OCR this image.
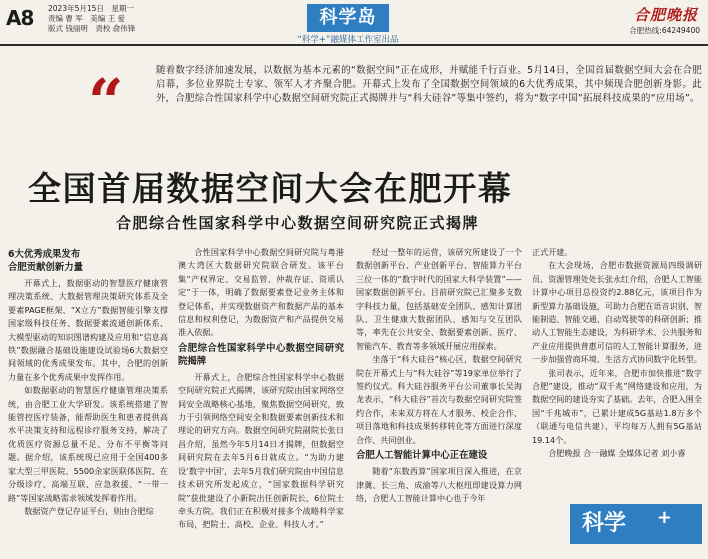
A8 2023年5月15日　星期一
责编 曹 军　美编 王 爱
版式 钱丽明　责校 俞伟锋
科学岛
“科学+”融媒体工作室出品
合肥晚报
合肥热线:64249400
“	随着数字经济加速发展，以数据为基本元素的“数据空间”正在成形，并赋能千行百业。5月14日，全国首届数据空间大会在合肥启幕，多位业界院士专家、领军人才齐聚合肥。开幕式上发布了全国数据空间领域的6大优秀成果，其中频现合肥创新身影。此外，合肥综合性国家科学中心数据空间研究院正式揭牌并与“科大硅谷”等集中签约，将为“数字中国”拓展科技成果的“应用场”。
全国首届数据空间大会在肥开幕
合肥综合性国家科学中心数据空间研究院正式揭牌
6大优秀成果发布
合肥贡献创新力量

开幕式上，数据驱动的智慧医疗健康管理决策系统、大数据管理决策研究体系及全要素PAGE框架、“X立方”数据智能引擎支撑国家级科技任务、数据要素流通创新体系、大模型驱动的知识图谱构建及应用和“信息高铁”数据融合基础设施建设试验场6大数据空间领域的优秀成果发布。其中，合肥的创新力量在多个优秀成果中发挥作用。

如数据驱动的智慧医疗健康管理决策系统，由合肥工业大学研发。该系统搭建了智能管控医疗装备，能帮助医生和患者提供高水平决策支持和远程诊疗服务支持，解决了优质医疗资源总量不足、分布不平衡等问题。据介绍，该系统现已应用于全国400多家大型三甲医院、5500余家医联体医院、在分级诊疗、高端互联、应急救援、“一带一路”等国家战略需求领域发挥着作用。

数据资产登记存证平台，则由合肥综

合性国家科学中心数据空间研究院与粤港澳大湾区大数据研究院联合研发。该平台集“产权界定、交易监管、仲裁存证、资质认定”于一体，明确了数据要素登记业务主体和登记体系，并实现数据资产和数据产品的基本信息和权利登记，为数据资产和产品提供交易准入依据。

合肥综合性国家科学中心数据空间研究院揭牌

开幕式上，合肥综合性国家科学中心数据空间研究院正式揭牌，该研究院由国家网络空间安全战略核心基地，聚焦数据空间研究，致力于引领网络空间安全和数据要素创新技术和理论的研究方向。数据空间研究院副院长张日昌介绍，虽然今年5月14日才揭牌，但数据空间研究院在去年5月6日就成立。“为助力建设‘数字中国’，去年5月我们研究院由中国信息技术研究所发起成立，“国家数据科学研究院”获批建设了小新院出任创新院长，6位院士牵头方院。我们正在积极对接多个战略科学家布局，把院士、高校、企业、科技人才。”

经过一整年的运营，该研究所建设了一个数据创新平台、产业创新平台、智能算力平台三位一体的“数字时代的国家大科学装置”——国家数据创新平台。目前研究院已汇聚多支数字科技力量，包括基础安全团队、感知计算团队、卫生健康大数据团队、感知与交互团队等，率先在公共安全、数据要素创新、医疗、智能汽车、教育等多领域开展应用探索。

坐落于“科大硅谷”核心区，数据空间研究院在开幕式上与“科大硅谷”等19家单位举行了签约仪式。科大硅谷服务平台公司董事长吴海龙表示，“科大硅谷”首次与数据空间研究院签约合作，未来双方将在人才服务、校企合作、项目落地和科技成果转移转化等方面进行深度合作、共同创业。

合肥人工智能计算中心正在建设

随着“东数西算”国家项目深入推进，在京津冀、长三角、成渝等八大枢纽即建设算力网络，合肥人工智能计算中心也于今年

正式开建。

在大会现场，合肥市数据资源局四级调研员、资源管理处处长张永红介绍，合肥人工智能计算中心项目总投资约2.88亿元，该项目作为新型算力基础设施，可助力合肥在语音识别、智能制造、智能交通、自动驾驶等的科研创新；推动人工智能生态建设，为科研学术、公共服务和产业应用提供普惠可信的人工智能计算服务，进一步加强营商环境、生活方式协同数字化转型。

张司表示，近年来，合肥市加快推进“数字合肥”建设，推动“双千兆”网络建设和应用，为数据空间的建设夯实了基础。去年，合肥入围全国“千兆城市”，已累计建成5G基站1.8万多个（联通与电信共建），平均每万人拥有5G基站19.14个。

合肥晚报 合一融媒 全媒体记者 刘小睿

科学	+
